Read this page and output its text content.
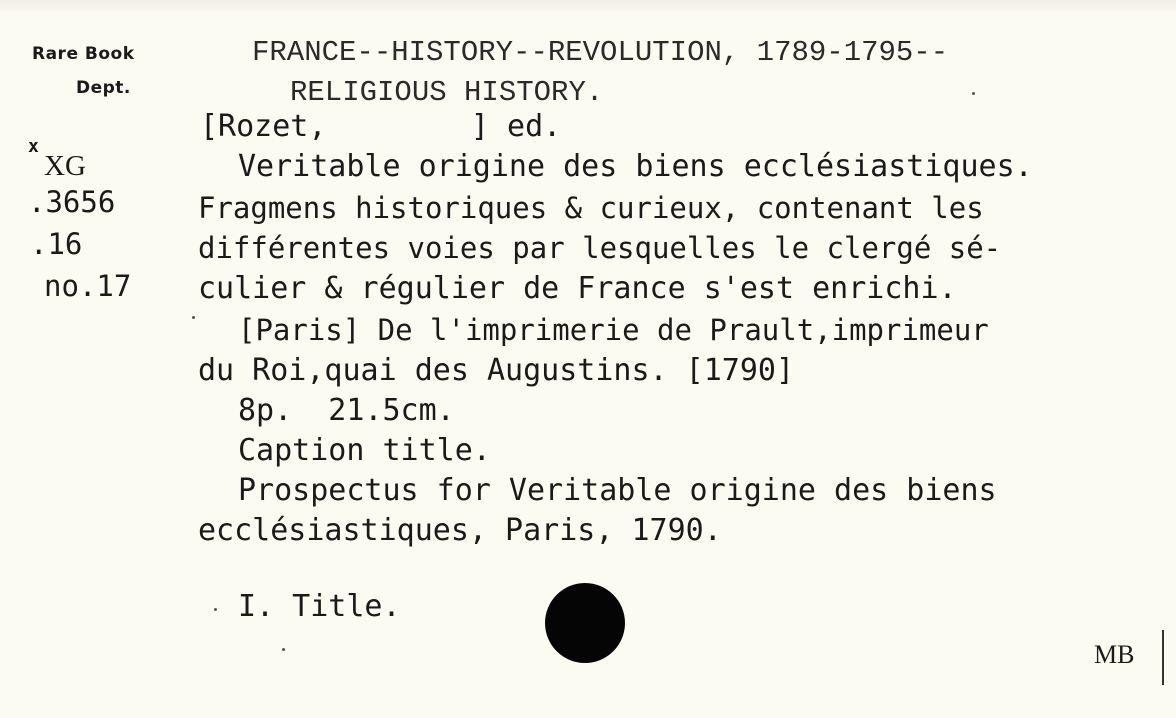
Rare Book
Dept.
x
XG
.3656
.16
no.17
FRANCE--HISTORY--REVOLUTION, 1789-1795--
RELIGIOUS HISTORY.
[Rozet,        ] ed.
Veritable origine des biens ecclésiastiques.
Fragmens historiques & curieux, contenant les
différentes voies par lesquelles le clergé sé-
culier & régulier de France s'est enrichi.
[Paris] De l'imprimerie de Prault,imprimeur
du Roi,quai des Augustins. [1790]
8p.  21.5cm.
Caption title.
Prospectus for Veritable origine des biens
ecclésiastiques, Paris, 1790.
I. Title.
MB
